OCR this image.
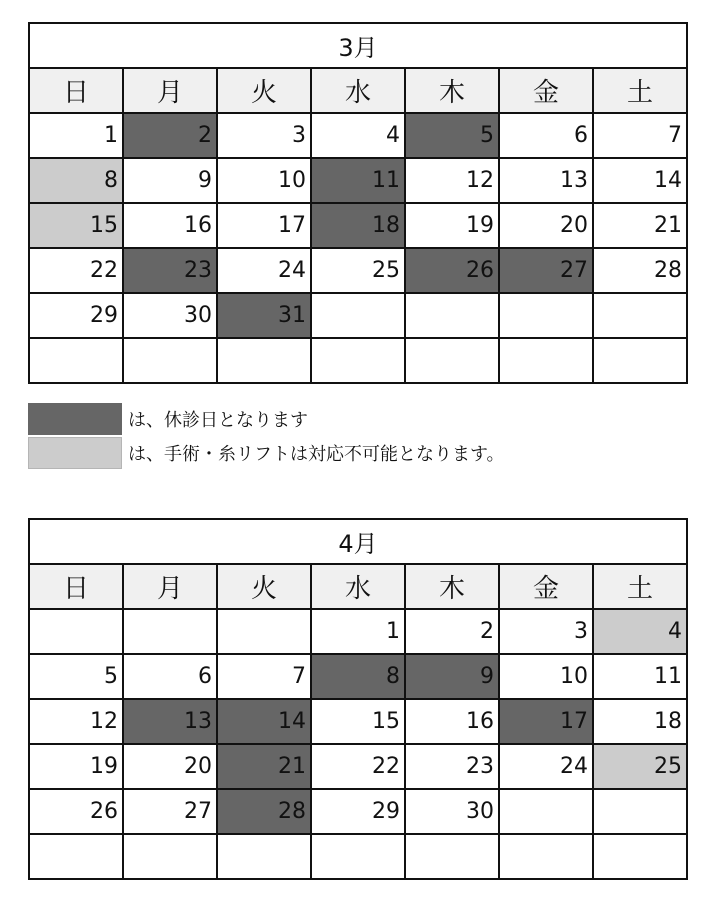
3月						
日	月	火	水	木	金	土
1	2	3	4	5	6	7
8	9	10	11	12	13	14
15	16	17	18	19	20	21
22	23	24	25	26	27	28
29	30	31				

は、休診日となります
は、手術・糸リフトは対応不可能となります。
4月						
日	月	火	水	木	金	土
			1	2	3	4
5	6	7	8	9	10	11
12	13	14	15	16	17	18
19	20	21	22	23	24	25
26	27	28	29	30		
